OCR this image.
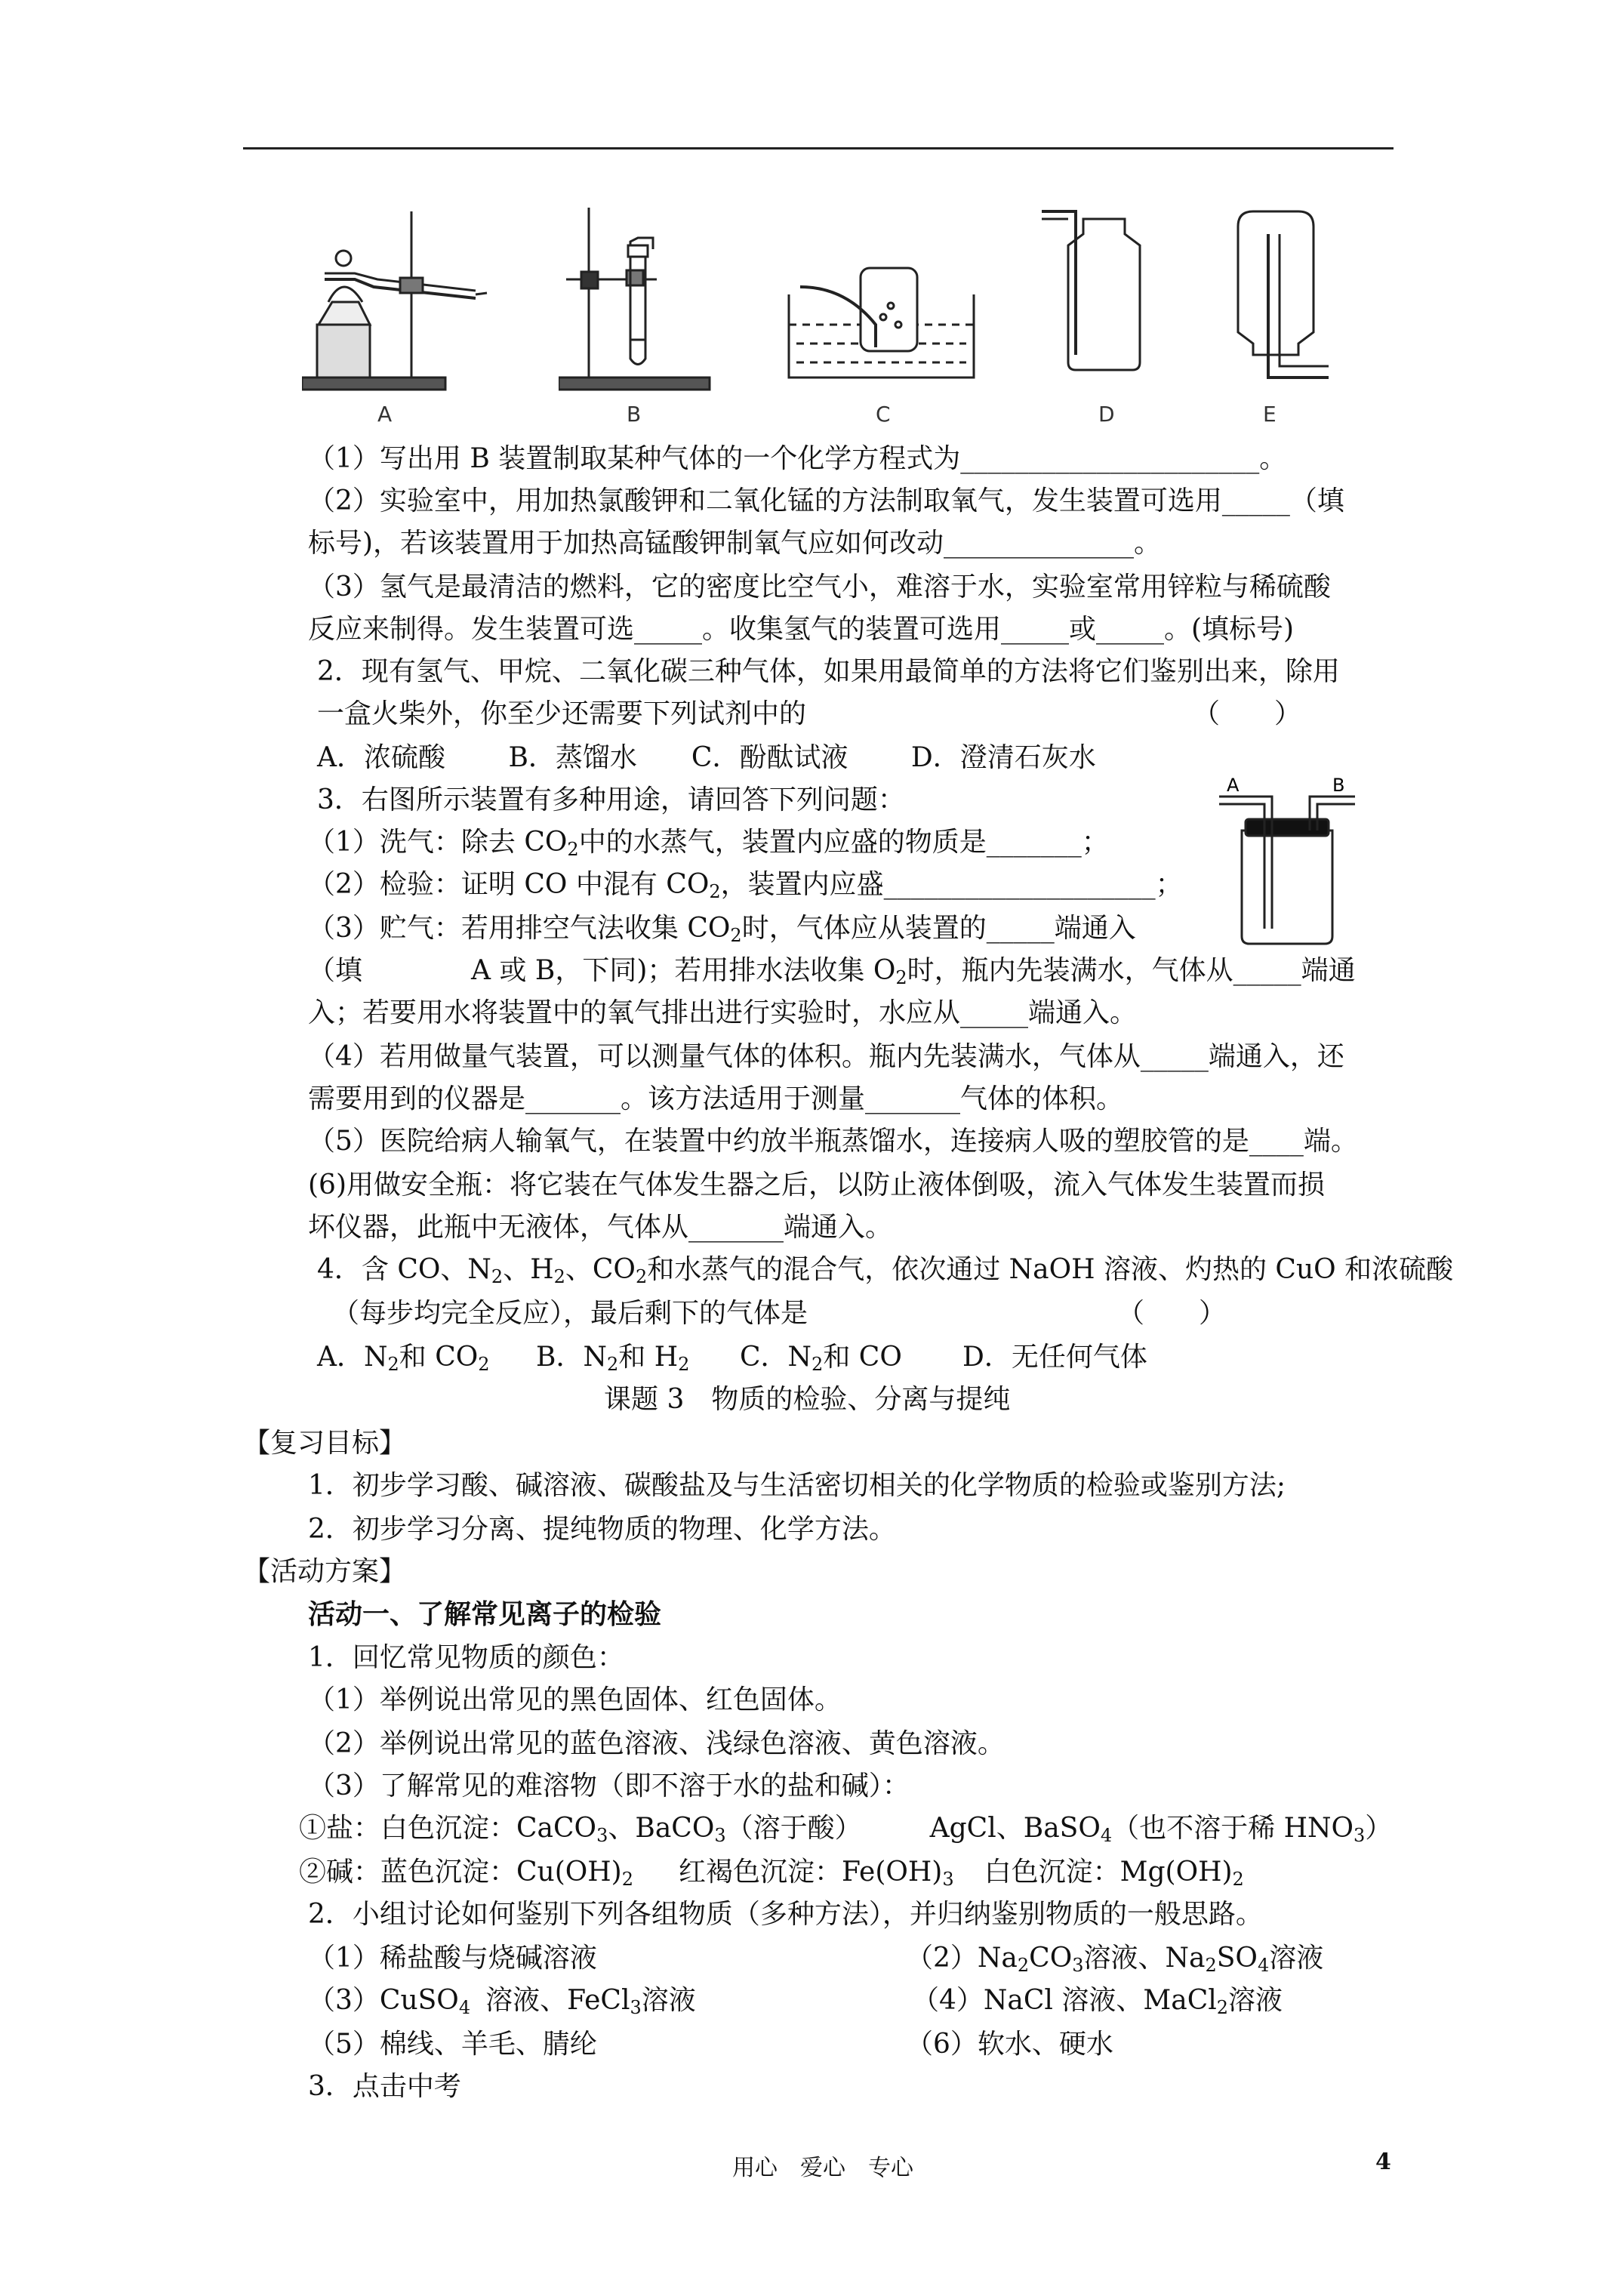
A	B	C	D	E
A	B
（1）写出用 B 装置制取某种气体的一个化学方程式为______________________。
（2）实验室中，用加热氯酸钾和二氧化锰的方法制取氧气，发生装置可选用_____（填
标号)，若该装置用于加热高锰酸钾制氧气应如何改动______________。
（3）氢气是最清洁的燃料，它的密度比空气小，难溶于水，实验室常用锌粒与稀硫酸
反应来制得。发生装置可选_____。收集氢气的装置可选用_____或_____。(填标号)
2．现有氢气、甲烷、二氧化碳三种气体，如果用最简单的方法将它们鉴别出来，除用
一盒火柴外，你至少还需要下列试剂中的	（　　）
A．浓硫酸　　 B．蒸馏水　　C．酚酞试液　　 D．澄清石灰水
3．右图所示装置有多种用途，请回答下列问题：
（1）洗气：除去 $CO_2$中的水蒸气，装置内应盛的物质是_______；
（2）检验：证明 CO 中混有 $CO_2$，装置内应盛____________________；
（3）贮气：若用排空气法收集 $CO_2$时，气体应从装置的_____端通入
（填　　　　A 或 B，下同)；若用排水法收集 $O_2$时，瓶内先装满水，气体从_____端通
入；若要用水将装置中的氧气排出进行实验时，水应从_____端通入。
（4）若用做量气装置，可以测量气体的体积。瓶内先装满水，气体从_____端通入，还
需要用到的仪器是_______。该方法适用于测量_______气体的体积。
（5）医院给病人输氧气，在装置中约放半瓶蒸馏水，连接病人吸的塑胶管的是____端。
(6)用做安全瓶：将它装在气体发生器之后，以防止液体倒吸，流入气体发生装置而损
坏仪器，此瓶中无液体，气体从_______端通入。
4．含 CO、$N_2$、$H_2$、$CO_2$和水蒸气的混合气，依次通过 NaOH 溶液、灼热的 CuO 和浓硫酸
（每步均完全反应），最后剩下的气体是	（　　）
A．$N_2$和 $CO_2$ B．$N_2$和 $H_2$ C．$N_2$和 CO D．无任何气体
课题 3　物质的检验、分离与提纯
【复习目标】
1．初步学习酸、碱溶液、碳酸盐及与生活密切相关的化学物质的检验或鉴别方法;
2．初步学习分离、提纯物质的物理、化学方法。
【活动方案】
活动一、了解常见离子的检验
1．回忆常见物质的颜色：
（1）举例说出常见的黑色固体、红色固体。
（2）举例说出常见的蓝色溶液、浅绿色溶液、黄色溶液。
（3）了解常见的难溶物（即不溶于水的盐和碱）：
①盐：白色沉淀：CaCO$_3$、BaCO$_3$（溶于酸）	AgCl、BaSO$_4$（也不溶于稀 $HNO_3$）
②碱：蓝色沉淀：$Cu(OH)_2$ 红褐色沉淀：$Fe(OH)_3$ 白色沉淀：$Mg(OH)_2$
2．小组讨论如何鉴别下列各组物质（多种方法），并归纳鉴别物质的一般思路。
（1）稀盐酸与烧碱溶液	$(2)Na_2CO_3$溶液、$Na_2SO_4$溶液
（3）CuSO$_4$ 溶液、FeCl$_3$溶液	（4）NaCl 溶液、MaCl$_2$溶液
（5）棉线、羊毛、腈纶	（6）软水、硬水
3．点击中考
用心　爱心　专心	4
